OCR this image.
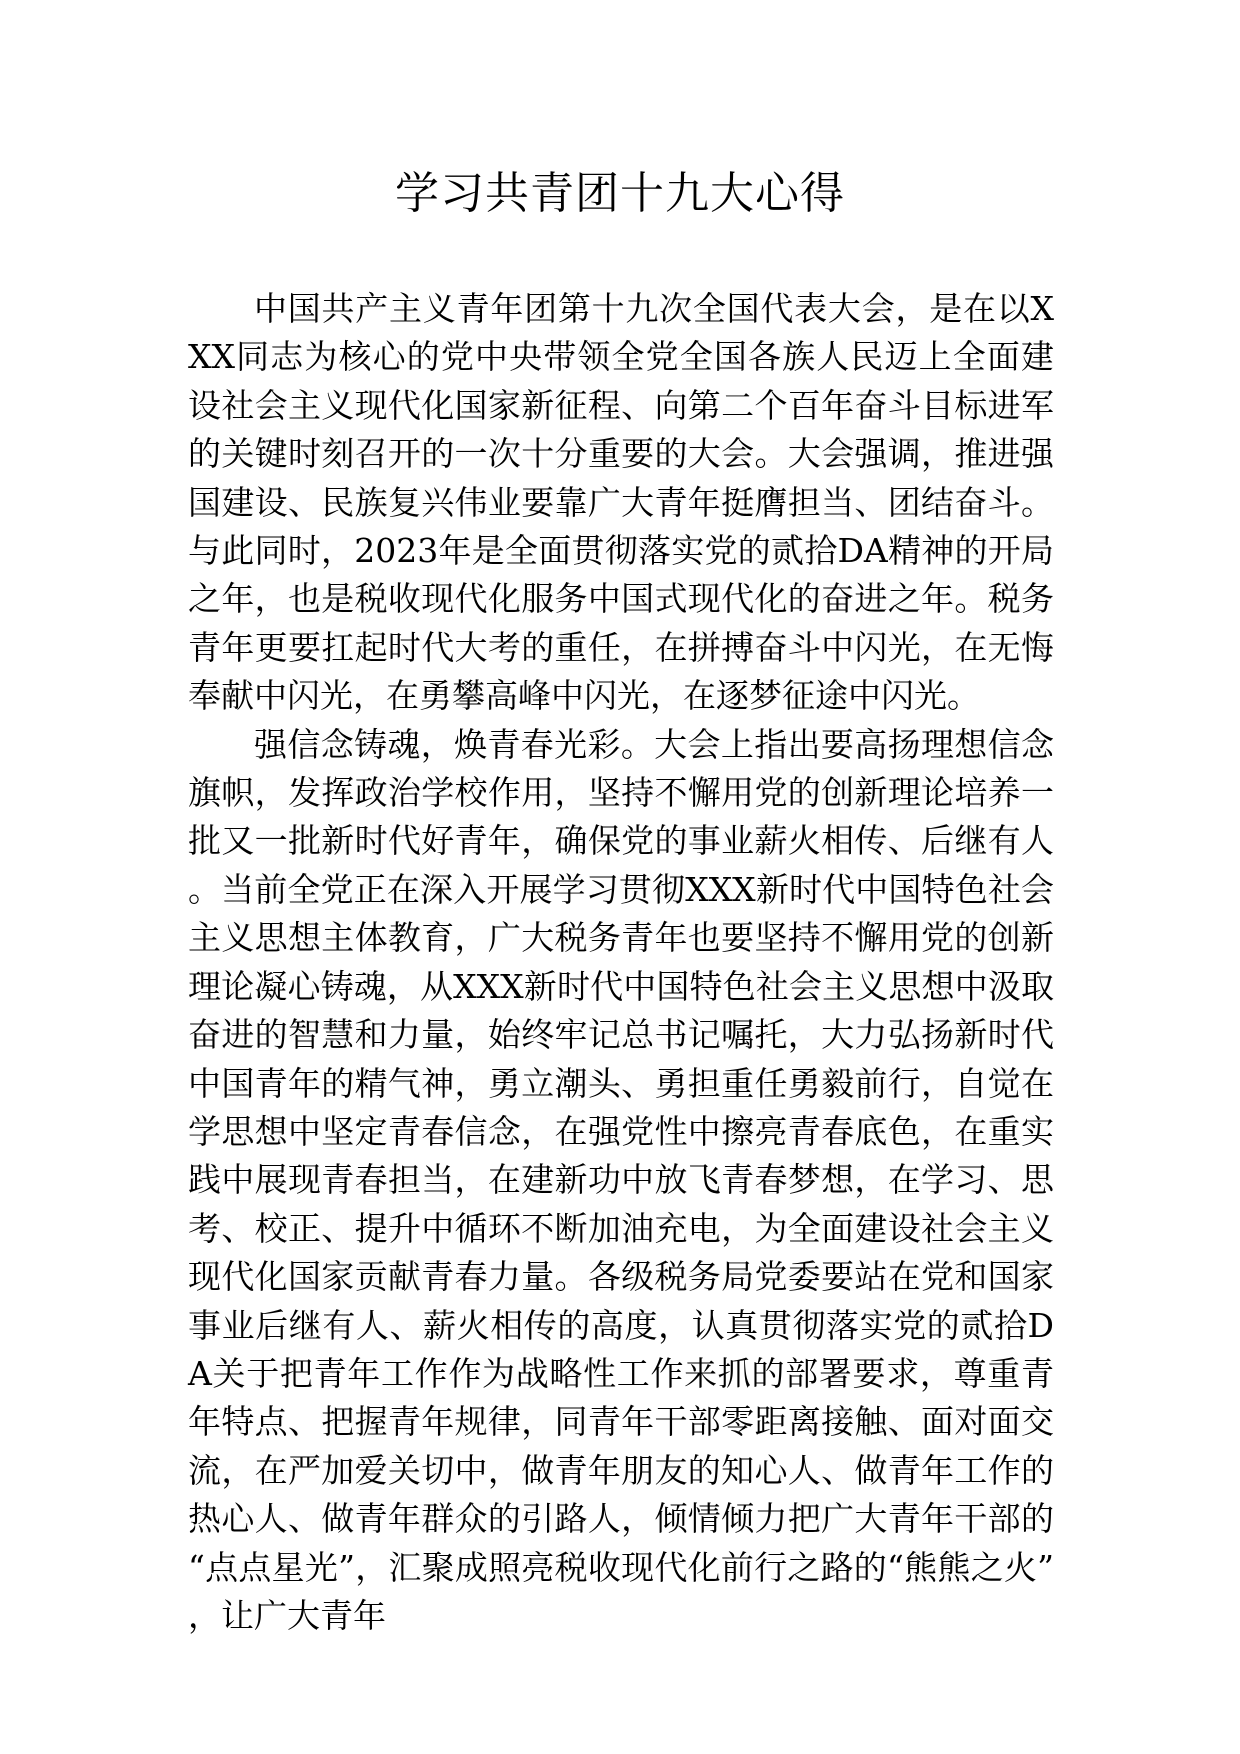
学习共青团十九大心得

中国共产主义青年团第十九次全国代表大会，是在以XXX同志为核心的党中央带领全党全国各族人民迈上全面建设社会主义现代化国家新征程、向第二个百年奋斗目标进军的关键时刻召开的一次十分重要的大会。大会强调，推进强国建设、民族复兴伟业要靠广大青年挺膺担当、团结奋斗。与此同时，2023年是全面贯彻落实党的贰拾DA精神的开局之年，也是税收现代化服务中国式现代化的奋进之年。税务青年更要扛起时代大考的重任，在拼搏奋斗中闪光，在无悔奉献中闪光，在勇攀高峰中闪光，在逐梦征途中闪光。

强信念铸魂，焕青春光彩。大会上指出要高扬理想信念旗帜，发挥政治学校作用，坚持不懈用党的创新理论培养一批又一批新时代好青年，确保党的事业薪火相传、后继有人。当前全党正在深入开展学习贯彻XXX新时代中国特色社会主义思想主体教育，广大税务青年也要坚持不懈用党的创新理论凝心铸魂，从XXX新时代中国特色社会主义思想中汲取奋进的智慧和力量，始终牢记总书记嘱托，大力弘扬新时代中国青年的精气神，勇立潮头、勇担重任勇毅前行，自觉在学思想中坚定青春信念，在强党性中擦亮青春底色，在重实践中展现青春担当，在建新功中放飞青春梦想，在学习、思考、校正、提升中循环不断加油充电，为全面建设社会主义现代化国家贡献青春力量。各级税务局党委要站在党和国家事业后继有人、薪火相传的高度，认真贯彻落实党的贰拾DA关于把青年工作作为战略性工作来抓的部署要求，尊重青年特点、把握青年规律，同青年干部零距离接触、面对面交流，在严加爱关切中，做青年朋友的知心人、做青年工作的热心人、做青年群众的引路人，倾情倾力把广大青年干部的“点点星光”，汇聚成照亮税收现代化前行之路的“熊熊之火”，让广大青年
